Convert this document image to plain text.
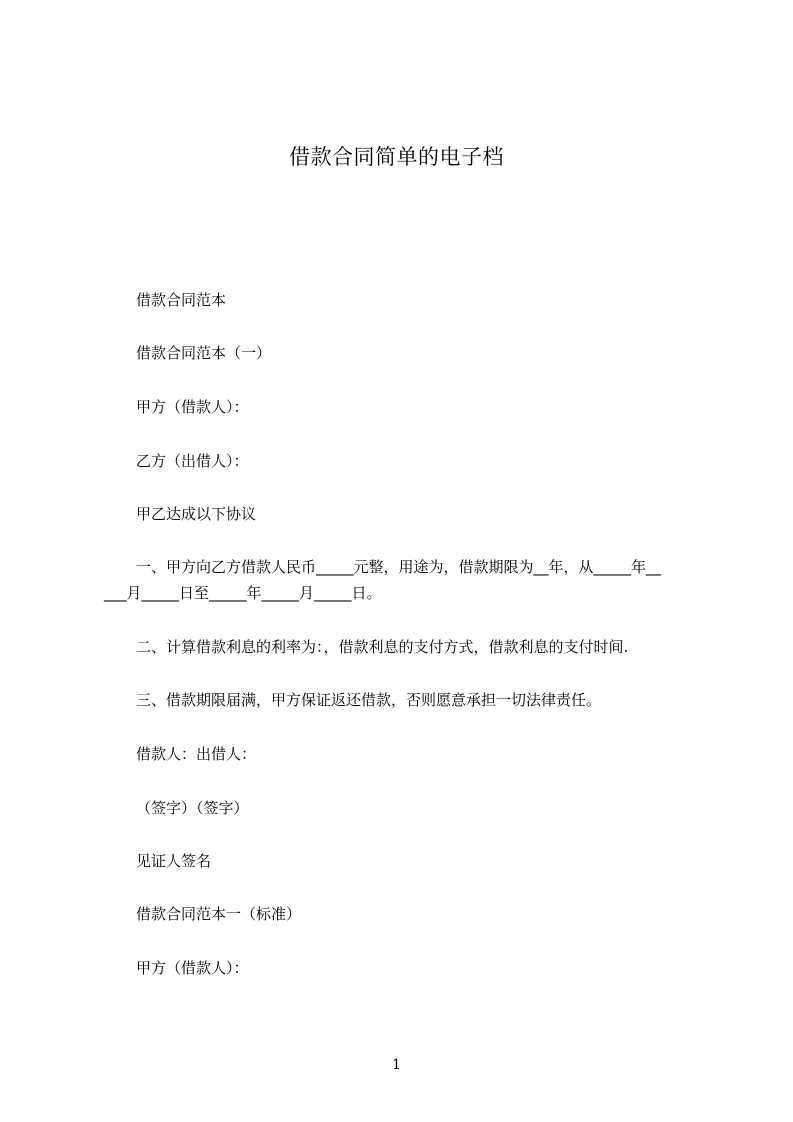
借款合同简单的电子档
借款合同范本
借款合同范本（一）
甲方（借款人）：
乙方（出借人）：
甲乙达成以下协议
一、甲方向乙方借款人民币_____元整，用途为，借款期限为__年，从_____年__
___月_____日至_____年_____月_____日。
二、计算借款利息的利率为：，借款利息的支付方式，借款利息的支付时间.
三、借款期限届满，甲方保证返还借款，否则愿意承担一切法律责任。
借款人：出借人：
（签字）（签字）
见证人签名
借款合同范本一（标准）
甲方（借款人）：
1
